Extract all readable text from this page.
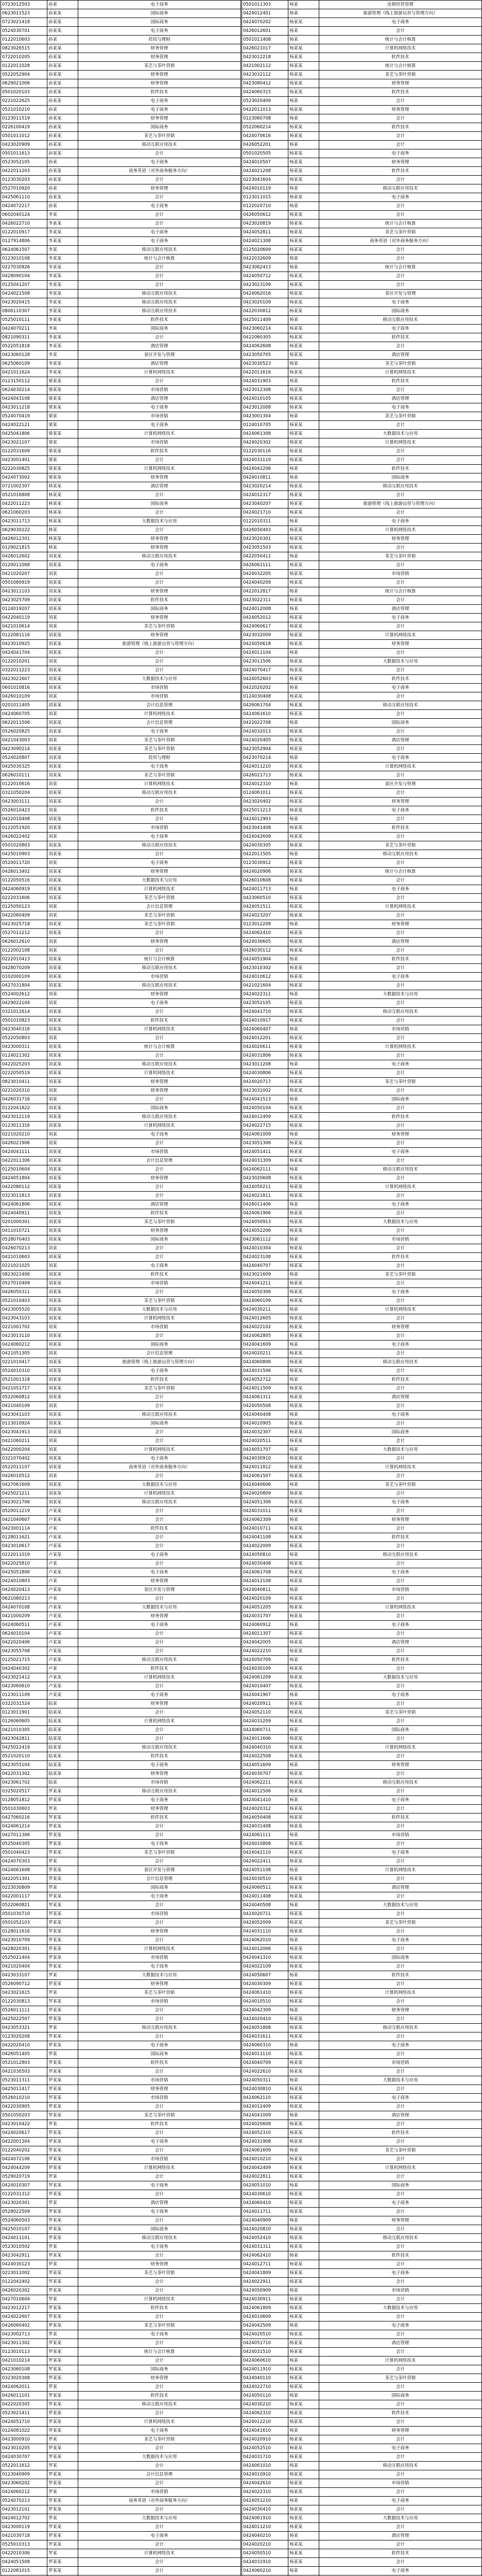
0723012503	孙某	电子商务
0623011523	孙某某	国际商务
0723021418	孙某某	国际商务
0524030701	孙某某	电子商务
0122010603	孙某	投资与理财
0823026515	孙某某	财务管理
0722010205	孙某某	财务管理
0122011028	孙某某	茶艺与茶叶营销
0522052904	孙某某	财务管理
0629021006	孙某某	财务管理
0501020103	孙某某	软件技术
0221022625	孙某某	电子商务
0521010210	孙某	电子商务
0123011519	孙某某	财务管理
0226100419	孙某某	国际商务
0501011012	孙某某	茶艺与茶叶营销
0423020909	孙某某	移动互联应用技术
0501011613	孙某某	会计
0523052105	孙某	电子商务
0422011203	孙某某	商务英语（对外商务服务方向）
0123030203	孙某某	会计
0527010920	孙某	财务管理
0425061110	孙某某	会计
0424072217	孙某	电子商务
0602040124	李某	会计
0426022710	李某某	会计
0122010917	李某某	电子商务
0127914806	李某某	电子商务
0624061507	李某	移动互联应用技术
0123010108	李某某	统计与会计核算
0227030926	李某某	会计
0428090104	李某某	会计
0125041207	李某某	会计
0424021508	李某某	移动互联应用技术
0423020415	李某某	移动互联应用技术
0800110307	李某某	移动互联应用技术
0525010111	李某某	软件技术
0424070211	李某	国际商务
0821090311	李某某	会计
0522051818	李某某	酒店管理
0423060128	李某	景区开发与管理
0625060109	李某某	酒店管理
0421011624	李某某	计算机网络技术
0123150112	梁某某	会计
0624030214	梁某某	市场营销
0424043108	梁某某	酒店管理
0423011218	梁某某	电子商务
0524070419	梁某	市场营销
0424022121	梁某	电子商务
0425041806	梁某某	计算机网络技术
0423021107	梁某	市场营销
0122031609	梁某某	软件技术
0423001401	梁某	会计
0222030825	梁某某	计算机网络技术
0424073002	梁某某	财务管理
0721002307	林某某	酒店管理
0521016808	林某某	会计
0422011223	林某某	国际商务
0621060203	林某某	会计
0423011713	林某某	大数据技术与应用
0629030222	林某	会计
0426012301	林某某	财务管理
0129021815	林某	财务管理
0426012602	刘某某	移动互联应用技术
0120011008	刘某某	电子商务
0421020207	刘某	会计
0501080919	刘某某	会计
0423011103	刘某某	财务管理
0423025709	刘某某	软件技术
0124019207	刘某某	国际商务
0422040119	刘某	财务管理
0421010614	刘某	茶艺与茶叶营销
0122081116	刘某某	财务管理
0423010925	刘某某	旅游管理（线上旅游运营与管理方向）
0424041704	刘某某	会计
0122010201	刘某	会计
0322011223	刘某某	会计
0423021607	刘某某	大数据技术与应用
0601010816	刘某某	市场营销
0426010109	刘某	市场营销
0201011405	刘某某	会计信息管理
0424060705	刘某	计算机网络技术
0622011506	刘某某	会计信息管理
0526020825	刘某某	电子商务
0421043003	刘某	茶艺与茶叶营销
0423090214	刘某某	茶艺与茶叶营销
0524020807	刘某某	投资与理财
0425030325	刘某某	电子商务
0626010111	刘某某	茶艺与茶叶营销
0122010616	刘某	计算机网络技术
0321050204	刘某某	移动互联应用技术
0423003111	刘某某	会计
0526010423	刘某	软件技术
0422010408	刘某某	会计
0122051920	刘某某	市场营销
0426022402	刘某	电子商务
0501020803	刘某某	移动互联应用技术
0425010903	刘某某	会计
0520011720	刘某	电子商务
0426013402	刘某某	财务管理
0122050516	刘某某	大数据技术与应用
0424060919	刘某某	计算机网络技术
0222031606	刘某某	茶艺与茶叶营销
0125050123	刘某	会计信息管理
0422060409	刘某	茶艺与茶叶营销
0423025718	刘某某	茶艺与茶叶营销
0527011212	刘某某	会计
0626012610	刘某	财务管理
0122002108	刘某	会计
0222010413	刘某某	统计与会计核算
0428070209	刘某某	移动互联应用技术
0102000109	刘某某	市场营销
0427031804	刘某某	移动互联应用技术
0524002612	刘某	财务管理
0429022104	刘某	电子商务
0321012614	刘某某	会计
0501010823	刘某某	软件技术
0423040316	刘某某	计算机网络技术
0522050803	刘某	会计
0423000311	刘某某	统计与会计核算
0124021302	刘某某	会计
0422025203	刘某某	移动互联应用技术
0222050519	刘某某	计算机网络技术
0823010411	刘某某	财务管理
0221020310	刘某	财务管理
0426031716	刘某	会计
0122041822	刘某某	国际商务
0423012119	刘某某	移动互联应用技术
0123011316	刘某某	计算机网络技术
0221020210	刘某	电子商务
0426021906	刘某	会计
0424041111	刘某某	市场营销
0422011306	刘某某	会计信息管理
0125010604	刘某某	会计
0424051804	刘某某	财务管理
0422080112	刘某某	会计
0323011813	刘某某	会计
0424061806	刘某某	酒店管理
0424040911	刘某某	软件技术
0201000301	刘某某	茶艺与茶叶营销
0411010721	刘某某	财务管理
0528070403	刘某某	国际商务
0426070213	刘某	会计
0421010603	刘某某	会计
0221021025	刘某	电子商务
0823021406	刘某某	软件技术
0527010409	刘某某	市场营销
0426050311	刘某某	会计
0521010403	刘某某	茶艺与茶叶营销
0423005520	刘某某	大数据技术与应用
0423043103	刘某某	计算机网络技术
0221001702	刘某	市场营销
0423013110	刘某某	会计
0424060212	刘某某	国际商务
0421051305	刘某	会计信息管理
0221010417	刘某某	旅游管理（线上旅游运营与管理方向）
0524010310	刘某某	电子商务
0521001318	刘某某	软件技术
0421051717	刘某某	茶艺与茶叶营销
0522060812	刘某某	会计
0421040109	刘某	会计
0423041103	刘某某	移动互联应用技术
0123010924	刘某某	国际商务
0423041913	刘某某	会计
0421060211	刘某	会计
0422000204	刘某	计算机网络技术
0321070402	刘某某	电子商务
0522011107	刘某某	商务英语（对外商务服务方向）
0426010512	刘某	会计
0427061609	刘某某	大数据技术与应用
0425021211	刘某某	计算机网络技术
0423021706	刘某某	移动互联应用技术
0520011219	卢某某	会计
0421040607	卢某某	会计
0423001114	卢某	软件技术
0128011621	卢某某	会计
0423010617	卢某某	会计
0222011019	卢某某	电子商务
0422025810	卢某	会计
0425051806	卢某某	电子商务
0424010803	卢某	财务管理
0424020413	卢某某	景区开发与管理
0621080213	卢某	会计
0424070108	卢某某	大数据技术与应用
0421000209	卢某某	财务管理
0424060511	卢某某	电子商务
0624010104	卢某某	会计
0422020406	卢某某	会计
0423055708	卢某某	会计
0125021715	卢某某	移动互联应用技术
0424040302	卢某	软件技术
0423021412	卢某某	计算机网络技术
0423060610	卢某某	会计
0123011109	卢某某	电子商务
0322031524	陆某	财务管理
0123011901	陆某某	会计
0126060605	陆某某	计算机网络技术
0421010305	陆某某	会计
0423042811	陆某某	会计
0425022419	陆某某	移动互联应用技术
0521020110	陆某某	软件技术
0423055104	陆某某	电子商务
0422031302	陆某某	财务管理
0423061702	陆某	市场营销
0325020517	罗某某	移动互联应用技术
0128051812	罗某某	电子商务
0501030603	罗某	财务管理
0427060216	罗某某	软件技术
0424061214	罗某某	会计
0427011306	罗某某	会计
0525040305	罗某某	电子商务
0501040423	罗某某	茶艺与茶叶营销
0424070303	罗某	会计
0424061608	罗某某	景区开发与管理
0422051301	罗某某	会计信息管理
0223030809	罗某	国际商务
0422001117	罗某某	电子商务
0522060821	罗某某	会计
0501030710	罗某某	市场营销
0501052103	罗某某	会计
0128011616	罗某某	财务管理
0423010709	罗某某	会计
0428020301	罗某某	计算机网络技术
0525021404	罗某某	市场营销
0421020404	罗某某	电子商务
0423033107	罗某	大数据技术与应用
0526090712	罗某某	财务管理
0423021615	罗某	茶艺与茶叶营销
0122030813	罗某某	市场营销
0526011111	罗某某	会计
0425022507	罗某某	会计
0423053321	罗某	移动互联应用技术
0123020208	罗某某	会计
0422020410	罗某某	电子商务
0426051405	罗某	国际商务
0521012803	罗某某	软件技术
0421030503	罗某某	会计
0523011311	罗某某	市场营销
0425011417	罗某某	财务管理
0526010210	罗某某	市场营销
0422030905	罗某某	会计
0501050203	罗某某	茶艺与茶叶营销
0423010422	罗某	软件技术
0424020617	罗某某	会计
0422001304	罗某某	电子商务
0122040202	罗某某	会计
0424072106	罗某某	市场营销
0424044209	罗某某	计算机网络技术
0529020719	罗某	会计
0424010307	罗某某	电子商务
0122031312	罗某某	会计
0423020301	罗某	酒店管理
0528022509	罗某某	电子商务
0524060503	罗某某	会计
0425010107	罗某某	国际商务
0424011101	罗某某	移动互联应用技术
0523010502	罗某	电子商务
0423042911	罗某某	会计
0424030123	罗某	财务管理
0223011002	罗某某	茶艺与茶叶营销
0122042402	罗某某	会计
0426020302	罗某某	会计
0427010604	罗某	计算机网络技术
0423012217	罗某某	软件技术
0424022607	罗某某	会计
0426060402	罗某某	茶艺与茶叶营销
0423002713	罗某	电子商务
0423011302	罗某某	会计
0123010113	罗某某	统计与会计核算
0421010214	罗某某	会计
0423060108	罗某某	国际商务
0323020308	罗某某	财务管理
0424062011	罗某	会计
0426011101	罗某某	软件技术
0422020305	罗某某	移动互联应用技术
0523021411	罗某某	会计
0424051710	罗某某	计算机网络技术
0124081022	罗某某	电子商务
0423000910	罗某	茶艺与茶叶营销
0423010205	罗某某	会计
0424030707	罗某某	大数据技术与应用
0522011612	罗某	会计
0123040909	罗某某	会计信息管理
0423060202	罗某某	会计
0424060212	罗某	市场营销
0524070213	罗某某	商务英语（对外商务服务方向）
0423012101	罗某某	会计
0424012702	罗某	大数据技术与应用
0423000119	罗某某	会计
0421030718	罗某某	电子商务
0525010313	罗某某	会计
0422010306	罗某	计算机网络技术
0424051508	罗某某	会计
0122081015	罗某某	会计

0501011303	杨某	连锁经营管理
0424012401	杨某	旅游管理（线上旅游运营与管理方向）
0424070202	杨某某	电子商务
0426012601	杨某	会计
0501011408	杨某	统计与会计核算
0426021017	杨某某	计算机网络技术
0423012218	杨某某	软件技术
0421002112	杨某某	统计与会计核算
0423032112	杨某某	茶艺与茶叶营销
0423080412	杨某某	财务管理
0424060315	杨某某	软件技术
0523020409	杨某	会计
0422011013	杨某某	财务管理
0123060708	杨某	会计
0522060214	杨某某	软件技术
0424070616	杨某某	会计
0426052201	杨某	会计
0501020505	杨某某	电子商务
0424010507	杨某某	财务管理
0424021208	杨某某	软件技术
0223041604	杨某某	会计
0424010119	杨某	移动互联应用技术
0123011015	杨某某	电子商务
0122020710	杨某	会计
0426050612	杨某某	会计
0423020819	杨某某	统计与会计核算
0424052811	杨某某	茶艺与茶叶营销
0424021308	杨某某	商务英语（对外商务服务方向）
0125020609	杨某某	会计
0422032609	杨某	会计
0423062413	杨某	统计与会计核算
0424050712	杨某某	会计
0423023109	杨某某	会计
0424062016	杨某某	景区开发与管理
0423020109	杨某某	电子商务
0422030812	杨某某	国际商务
0425011409	杨某	移动互联应用技术
0423060214	杨某某	电子商务
0422060305	杨某某	软件技术
0424062608	杨某某	会计
0423050705	杨某某	酒店管理
0423030523	杨某	茶艺与茶叶营销
0422011616	杨某某	计算机网络技术
0424031903	杨某	软件技术
0423012308	杨某某	会计
0424010105	杨某某	酒店管理
0423012008	杨某某	电子商务
0423001304	杨某	茶艺与茶叶营销
0124010705	杨某某	会计
0424061308	杨某某	大数据技术与应用
0424020302	杨某某	计算机网络技术
0122030116	杨某某	会计
0424031110	杨某某	会计
0424042206	杨某	软件技术
0424010811	杨某	国际商务
0423020214	杨某某	移动互联应用技术
0424012317	杨某某	会计
0423040207	杨某某	旅游管理（线上旅游运营与管理方向）
0424021710	杨某某	会计
0122010311	杨某	电子商务
0426050403	杨某某	计算机网络技术
0423020301	杨某某	财务管理
0423051503	杨某某	会计
0422050411	杨某	茶艺与茶叶营销
0426061111	杨某某	会计
0424032205	杨某某	市场营销
0424040209	杨某某	会计
0422012817	杨某	统计与会计核算
0423022311	杨某某	会计
0424012008	杨某	酒店管理
0424052012	杨某某	电子商务
0424060617	杨某某	会计
0423032009	杨某某	计算机网络技术
0424050618	杨某某	财务管理
0424011104	杨某	会计
0423011506	杨某某	大数据技术与应用
0424070417	杨某某	会计
0424052603	杨某某	软件技术
0422020202	杨某	电子商务
0124030408	杨某某	会计
0426061704	杨某某	移动互联应用技术
0424061610	杨某某	会计
0422022708	杨某	国际商务
0424032013	杨某某	会计
0424020405	杨某某	酒店管理
0423052904	杨某某	会计
0423070214	杨某	电子商务
0424011210	杨某某	计算机网络技术
0426021713	杨某某	会计
0424012310	杨某	景区开发与管理
0124061011	杨某某	会计
0423020402	杨某某	财务管理
0425011213	杨某某	电子商务
0424012903	杨某	会计
0423041408	杨某某	软件技术
0424042608	杨某某	会计
0424030305	杨某某	茶艺与茶叶营销
0422011505	杨某	移动互联应用技术
0123030912	杨某某	会计
0424020906	杨某某	统计与会计核算
0426010608	杨某某	会计
0424011713	杨某	电子商务
0423060510	杨某某	会计
0424051511	杨某某	计算机网络技术
0424023207	杨某某	会计
0123012208	杨某	财务管理
0424062410	杨某某	会计
0424030605	杨某某	酒店管理
0426030112	杨某某	会计
0424051904	杨某	软件技术
0423010302	杨某某	会计
0424010612	杨某某	电子商务
0421021604	杨某某	会计
0424022311	杨某	大数据技术与应用
0423052105	杨某某	会计
0424041710	杨某某	移动互联应用技术
0424010917	杨某某	会计
0424060407	杨某	市场营销
0424012201	杨某某	会计
0424020611	杨某某	计算机网络技术
0424031806	杨某某	会计
0423011208	杨某	电子商务
0424030806	杨某某	会计
0424020717	杨某某	茶艺与茶叶营销
0423031002	杨某某	会计
0424041513	杨某	国际商务
0424050104	杨某某	会计
0424012409	杨某某	软件技术
0424022715	杨某某	会计
0424061009	杨某	财务管理
0423051306	杨某某	会计
0424051411	杨某某	电子商务
0424031309	杨某某	会计
0424062111	杨某	移动互联应用技术
0423020608	杨某某	会计
0424050211	杨某某	计算机网络技术
0424021811	杨某某	会计
0426011406	杨某	电子商务
0424061906	杨某某	会计
0424050913	杨某某	大数据技术与应用
0424052206	杨某某	会计
0423061112	杨某	市场营销
0424010304	杨某某	会计
0424023108	杨某某	软件技术
0424040707	杨某某	会计
0423021609	杨某	茶艺与茶叶营销
0424041211	杨某某	会计
0424050306	杨某某	电子商务
0424060109	杨某某	会计
0424030211	杨某	计算机网络技术
0424012605	杨某某	会计
0424022102	杨某某	财务管理
0424062805	杨某某	会计
0424041609	杨某	电子商务
0424020211	杨某某	会计
0424060806	杨某某	移动互联应用技术
0424031506	杨某某	会计
0424052712	杨某	软件技术
0424011509	杨某某	会计
0424061311	杨某某	酒店管理
0424050508	杨某某	会计
0424040408	杨某	电子商务
0424010905	杨某某	会计
0424032307	杨某某	国际商务
0424020511	杨某某	会计
0424051707	杨某	大数据技术与应用
0424030910	杨某某	会计
0424011812	杨某某	计算机网络技术
0424061507	杨某某	会计
0424040606	杨某	茶艺与茶叶营销
0424020809	杨某某	会计
0424051306	杨某某	电子商务
0424031011	杨某某	会计
0424062309	杨某	财务管理
0424010711	杨某某	会计
0424041108	杨某某	软件技术
0424022009	杨某某	会计
0424050810	杨某	移动互联应用技术
0424030408	杨某某	会计
0424061708	杨某某	电子商务
0424012108	杨某某	会计
0424040811	杨某	市场营销
0424020109	杨某某	会计
0424051205	杨某某	计算机网络技术
0424031707	杨某某	会计
0424060912	杨某	电子商务
0424011307	杨某某	会计
0424042005	杨某某	酒店管理
0424022210	杨某某	会计
0424050709	杨某	软件技术
0424030109	杨某某	会计
0424061209	杨某某	大数据技术与应用
0424010407	杨某某	会计
0424041907	杨某	电子商务
0424020911	杨某某	会计
0424052110	杨某某	茶艺与茶叶营销
0424031209	杨某某	会计
0424060711	杨某	国际商务
0424011606	杨某某	会计
0424040310	杨某某	计算机网络技术
0424022508	杨某某	会计
0424051609	杨某	财务管理
0424030707	杨某某	会计
0424062211	杨某某	移动互联应用技术
0424012506	杨某某	会计
0424041410	杨某	电子商务
0424020312	杨某某	会计
0424050408	杨某某	软件技术
0424031408	杨某某	会计
0424061111	杨某	市场营销
0424010808	杨某某	会计
0424042110	杨某某	电子商务
0424022411	杨某某	会计
0424051108	杨某	计算机网络技术
0424030510	杨某某	会计
0424060511	杨某某	酒店管理
0424011408	杨某某	会计
0424040508	杨某	大数据技术与应用
0424020711	杨某某	会计
0424052009	杨某某	茶艺与茶叶营销
0424031110	杨某某	会计
0424062010	杨某	电子商务
0424012006	杨某某	会计
0424041310	杨某某	国际商务
0424022109	杨某某	会计
0424050607	杨某	软件技术
0424030309	杨某某	会计
0424061410	杨某某	计算机网络技术
0424010510	杨某某	会计
0424042309	杨某	财务管理
0424020410	杨某某	会计
0424051808	杨某某	移动互联应用技术
0424031611	杨某某	会计
0424060310	杨某	电子商务
0424011110	杨某某	会计
0424040709	杨某某	市场营销
0424022610	杨某某	会计
0424050311	杨某	大数据技术与应用
0424030810	杨某某	会计
0424062110	杨某某	电子商务
0424012409	杨某某	会计
0424041009	杨某	酒店管理
0424020608	杨某某	会计
0424052310	杨某某	软件技术
0424031908	杨某某	会计
0424061609	杨某	茶艺与茶叶营销
0424010210	杨某某	会计
0424042409	杨某某	计算机网络技术
0424022811	杨某某	会计
0424051010	杨某	国际商务
0424030610	杨某某	会计
0424060410	杨某某	电子商务
0424011711	杨某某	会计
0424040909	杨某	财务管理
0424020810	杨某某	会计
0424052410	杨某某	移动互联应用技术
0424031311	杨某某	会计
0424062410	杨某	软件技术
0424012711	杨某某	会计
0424041809	杨某某	电子商务
0424022911	杨某某	会计
0424050909	杨某	市场营销
0424030911	杨某某	会计
0424061809	杨某某	大数据技术与应用
0424010609	杨某某	会计
0424042509	杨某	电子商务
0424020510	杨某某	会计
0424051710	杨某某	酒店管理
0424031510	杨某某	会计
0424060610	杨某	计算机网络技术
0424011910	杨某某	会计
0424040110	杨某某	茶艺与茶叶营销
0424022710	杨某某	会计
0424050110	杨某	国际商务
0424030210	杨某某	会计
0424062310	杨某某	软件技术
0424012210	杨某某	会计
0424041610	杨某	财务管理
0424020910	杨某某	会计
0424052510	杨某某	电子商务
0424031710	杨某某	会计
0424061010	杨某	移动互联应用技术
0424010910	杨某某	会计
0424042610	杨某某	市场营销
0424022310	杨某某	会计
0424051210	杨某	电子商务
0424030410	杨某某	会计
0424061910	杨某某	大数据技术与应用
0424011210	杨某某	会计
0424040210	杨某	酒店管理
0424020210	杨某某	会计
0424050510	杨某某	软件技术
0424031910	杨某某	会计
0424060210	杨某	电子商务
